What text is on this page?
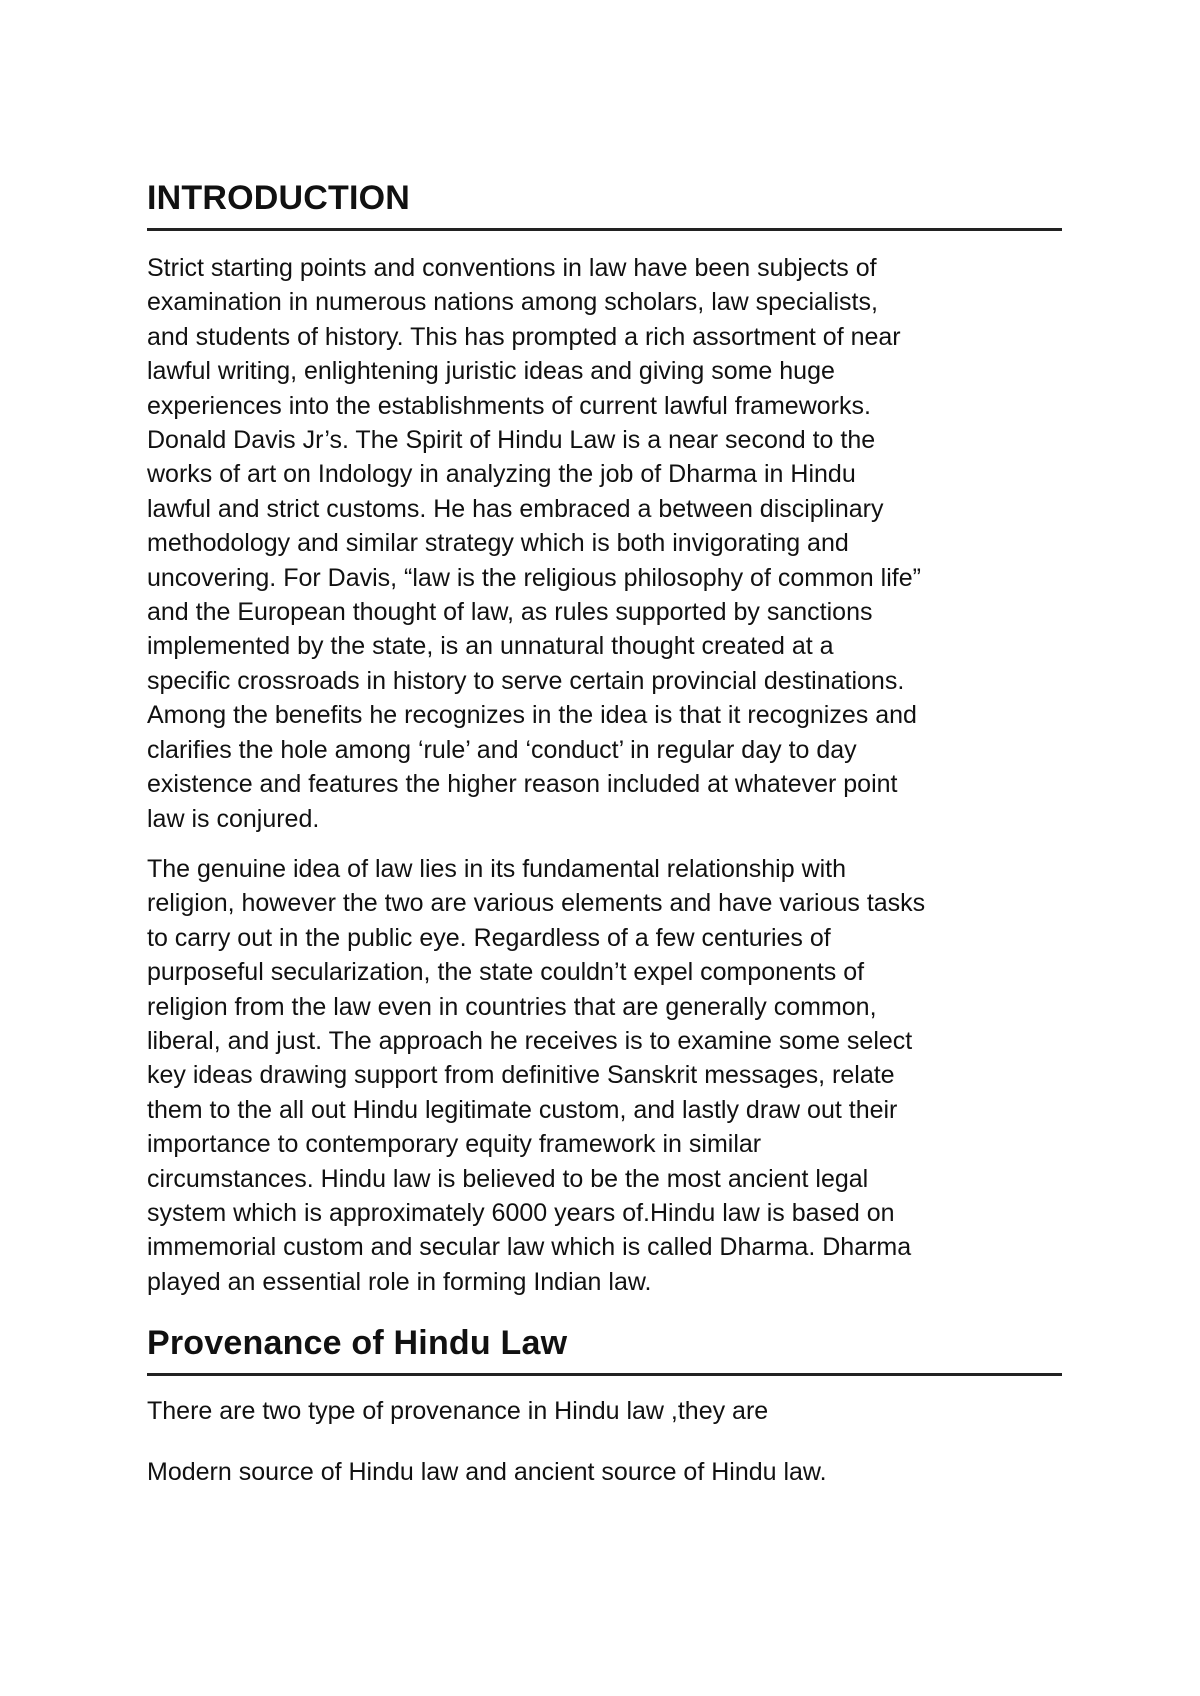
INTRODUCTION

Strict starting points and conventions in law have been subjects of
examination in numerous nations among scholars, law specialists,
and students of history. This has prompted a rich assortment of near
lawful writing, enlightening juristic ideas and giving some huge
experiences into the establishments of current lawful frameworks.
Donald Davis Jr’s. The Spirit of Hindu Law is a near second to the
works of art on Indology in analyzing the job of Dharma in Hindu
lawful and strict customs. He has embraced a between disciplinary
methodology and similar strategy which is both invigorating and
uncovering. For Davis, “law is the religious philosophy of common life”
and the European thought of law, as rules supported by sanctions
implemented by the state, is an unnatural thought created at a
specific crossroads in history to serve certain provincial destinations.
Among the benefits he recognizes in the idea is that it recognizes and
clarifies the hole among ‘rule’ and ‘conduct’ in regular day to day
existence and features the higher reason included at whatever point
law is conjured.

The genuine idea of law lies in its fundamental relationship with
religion, however the two are various elements and have various tasks
to carry out in the public eye. Regardless of a few centuries of
purposeful secularization, the state couldn’t expel components of
religion from the law even in countries that are generally common,
liberal, and just. The approach he receives is to examine some select
key ideas drawing support from definitive Sanskrit messages, relate
them to the all out Hindu legitimate custom, and lastly draw out their
importance to contemporary equity framework in similar
circumstances. Hindu law is believed to be the most ancient legal
system which is approximately 6000 years of.Hindu law is based on
immemorial custom and secular law which is called Dharma. Dharma
played an essential role in forming Indian law.

Provenance of Hindu Law

There are two type of provenance in Hindu law ,they are

Modern source of Hindu law and ancient source of Hindu law.
